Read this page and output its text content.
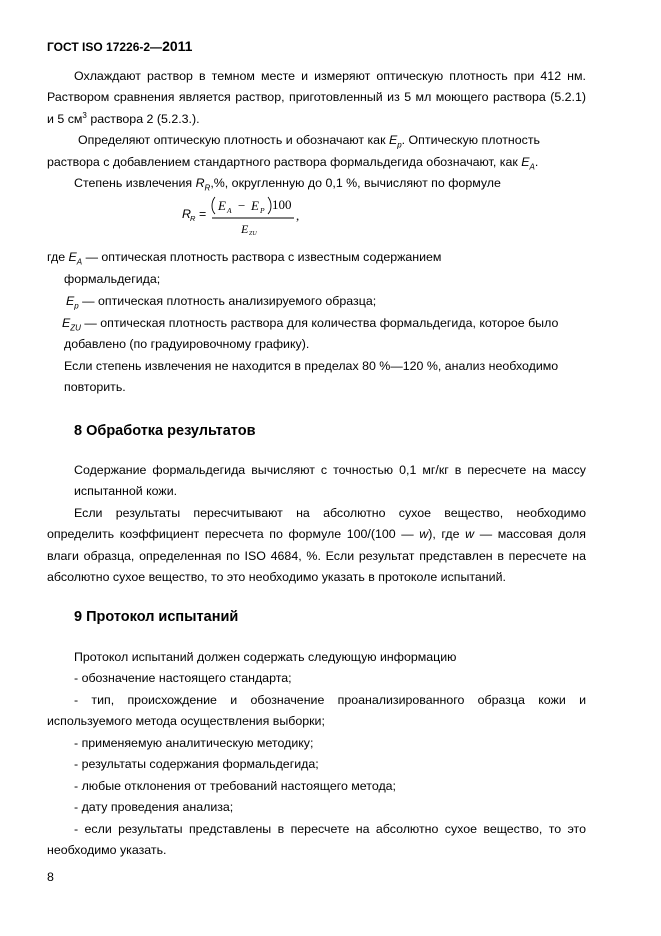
ГОСТ ISO 17226-2—2011
Охлаждают раствор в темном месте и измеряют оптическую плотность при 412 нм.
Раствором сравнения является раствор, приготовленный из 5 мл моющего раствора (5.2.1)
и 5 $см^3$ раствора 2 (5.2.3.).
Определяют оптическую плотность и обозначают как $E_p$. Оптическую плотность
раствора с добавлением стандартного раствора формальдегида обозначают, как $E_A$.
Степень извлечения $R_R,\%$, округленную до 0,1 %, вычисляют по формуле
R R =
E A − E P 100
,
E ZU
где $E_A$ — оптическая плотность раствора с известным содержанием
формальдегида;
$E_p$ — оптическая плотность анализируемого образца;
$E_{ZU}$ — оптическая плотность раствора для количества формальдегида, которое было
добавлено (по градуировочному графику).
Если степень извлечения не находится в пределах 80 %—120 %, анализ необходимо
повторить.
8 Обработка результатов
Содержание формальдегида вычисляют с точностью 0,1 мг/кг в пересчете на массу
испытанной кожи.
Если результаты пересчитывают на абсолютно сухое вещество, необходимо
определить коэффициент пересчета по формуле 100/(100 — w), где w — массовая доля
влаги образца, определенная по ISO 4684, %. Если результат представлен в пересчете на
абсолютно сухое вещество, то это необходимо указать в протоколе испытаний.
9 Протокол испытаний
Протокол испытаний должен содержать следующую информацию
- обозначение настоящего стандарта;
- тип, происхождение и обозначение проанализированного образца кожи и
используемого метода осуществления выборки;
- применяемую аналитическую методику;
- результаты содержания формальдегида;
- любые отклонения от требований настоящего метода;
- дату проведения анализа;
- если результаты представлены в пересчете на абсолютно сухое вещество, то это
необходимо указать.
8
